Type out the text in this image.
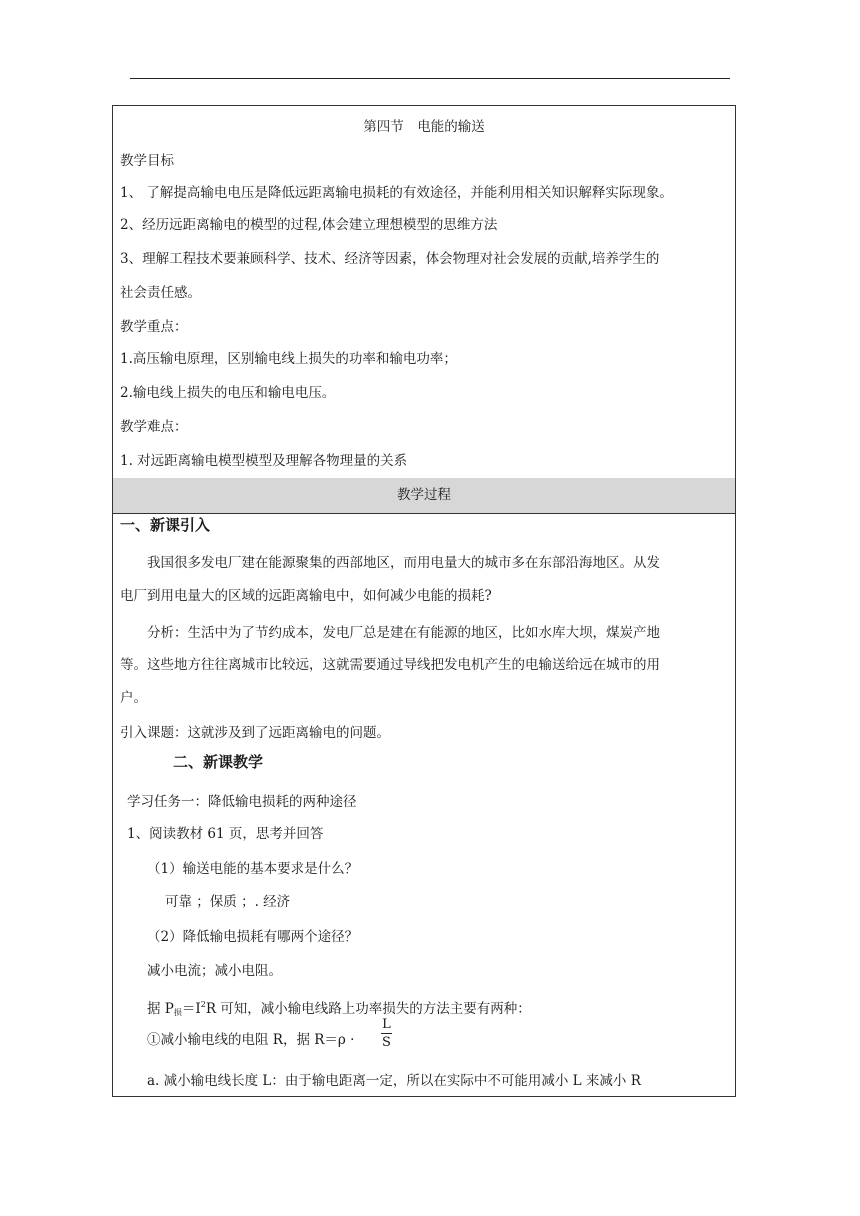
第四节　电能的输送
教学目标
1、 了解提高输电电压是降低远距离输电损耗的有效途径，并能利用相关知识解释实际现象。
2、经历远距离输电的模型的过程,体会建立理想模型的思维方法
3、理解工程技术要兼顾科学、技术、经济等因素，体会物理对社会发展的贡献,培养学生的
社会责任感。
教学重点：
1.高压输电原理，区别输电线上损失的功率和输电功率；
2.输电线上损失的电压和输电电压。
教学难点：
1. 对远距离输电模型模型及理解各物理量的关系
教学过程
一、新课引入
我国很多发电厂建在能源聚集的西部地区，而用电量大的城市多在东部沿海地区。从发
电厂到用电量大的区域的远距离输电中，如何减少电能的损耗?
分析：生活中为了节约成本，发电厂总是建在有能源的地区，比如水库大坝，煤炭产地
等。这些地方往往离城市比较远，这就需要通过导线把发电机产生的电输送给远在城市的用
户。
引入课题：这就涉及到了远距离输电的问题。
二、新课教学
学习任务一：降低输电损耗的两种途径
1、阅读教材 61 页，思考并回答
（1）输送电能的基本要求是什么？
可靠 ；保质 ；. 经济
（2）降低输电损耗有哪两个途径？
减小电流；减小电阻。
据 $P_损=I^2R$ 可知，减小输电线路上功率损失的方法主要有两种：
①减小输电线的电阻 R，据 R＝ρ ·
L
S
a. 减小输电线长度 L：由于输电距离一定，所以在实际中不可能用减小 L 来减小 R
